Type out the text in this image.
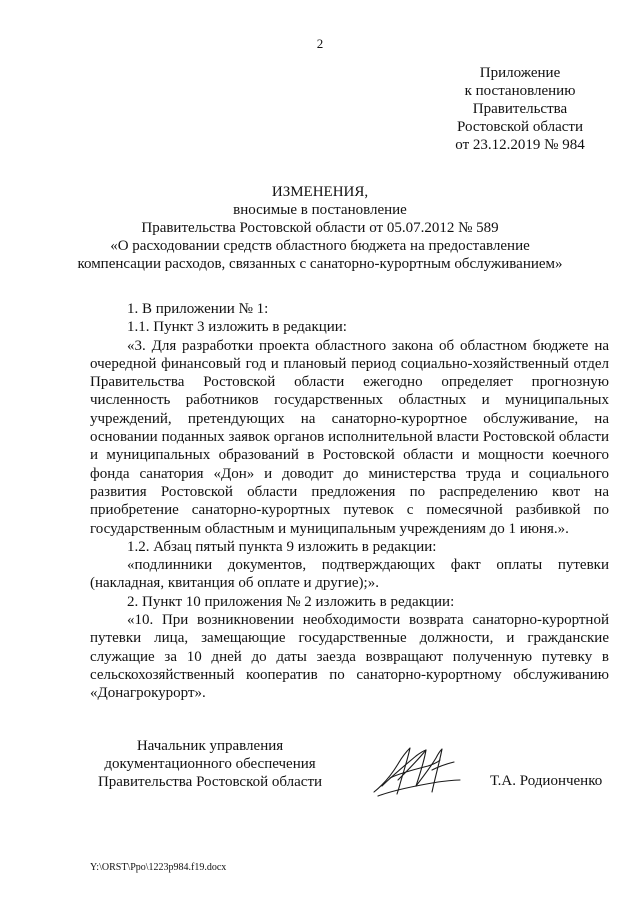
2
Приложение
к постановлению
Правительства
Ростовской области
от 23.12.2019 № 984
ИЗМЕНЕНИЯ,
вносимые в постановление
Правительства Ростовской области от 05.07.2012 № 589
«О расходовании средств областного бюджета на предоставление
компенсации расходов, связанных с санаторно-курортным обслуживанием»

1. В приложении № 1:

1.1. Пункт 3 изложить в редакции:

«3. Для разработки проекта областного закона об областном бюджете на очередной финансовый год и плановый период социально-хозяйственный отдел Правительства Ростовской области ежегодно определяет прогнозную численность работников государственных областных и муниципальных учреждений, претендующих на санаторно-курортное обслуживание, на основании поданных заявок органов исполнительной власти Ростовской области и муниципальных образований в Ростовской области и мощности коечного фонда санатория «Дон» и доводит до министерства труда и социального развития Ростовской области предложения по распределению квот на приобретение санаторно-курортных путевок с помесячной разбивкой по государственным областным и муниципальным учреждениям до 1 июня.».

1.2. Абзац пятый пункта 9 изложить в редакции:

«подлинники документов, подтверждающих факт оплаты путевки (накладная, квитанция об оплате и другие);».

2. Пункт 10 приложения № 2 изложить в редакции:

«10. При возникновении необходимости возврата санаторно-курортной путевки лица, замещающие государственные должности, и гражданские служащие за 10 дней до даты заезда возвращают полученную путевку в сельскохозяйственный кооператив по санаторно-курортному обслуживанию «Донагрокурорт».

Начальник управления
документационного обеспечения
Правительства Ростовской области	Т.А. Родионченко
Y:\ORST\Ppo\1223p984.f19.docx
